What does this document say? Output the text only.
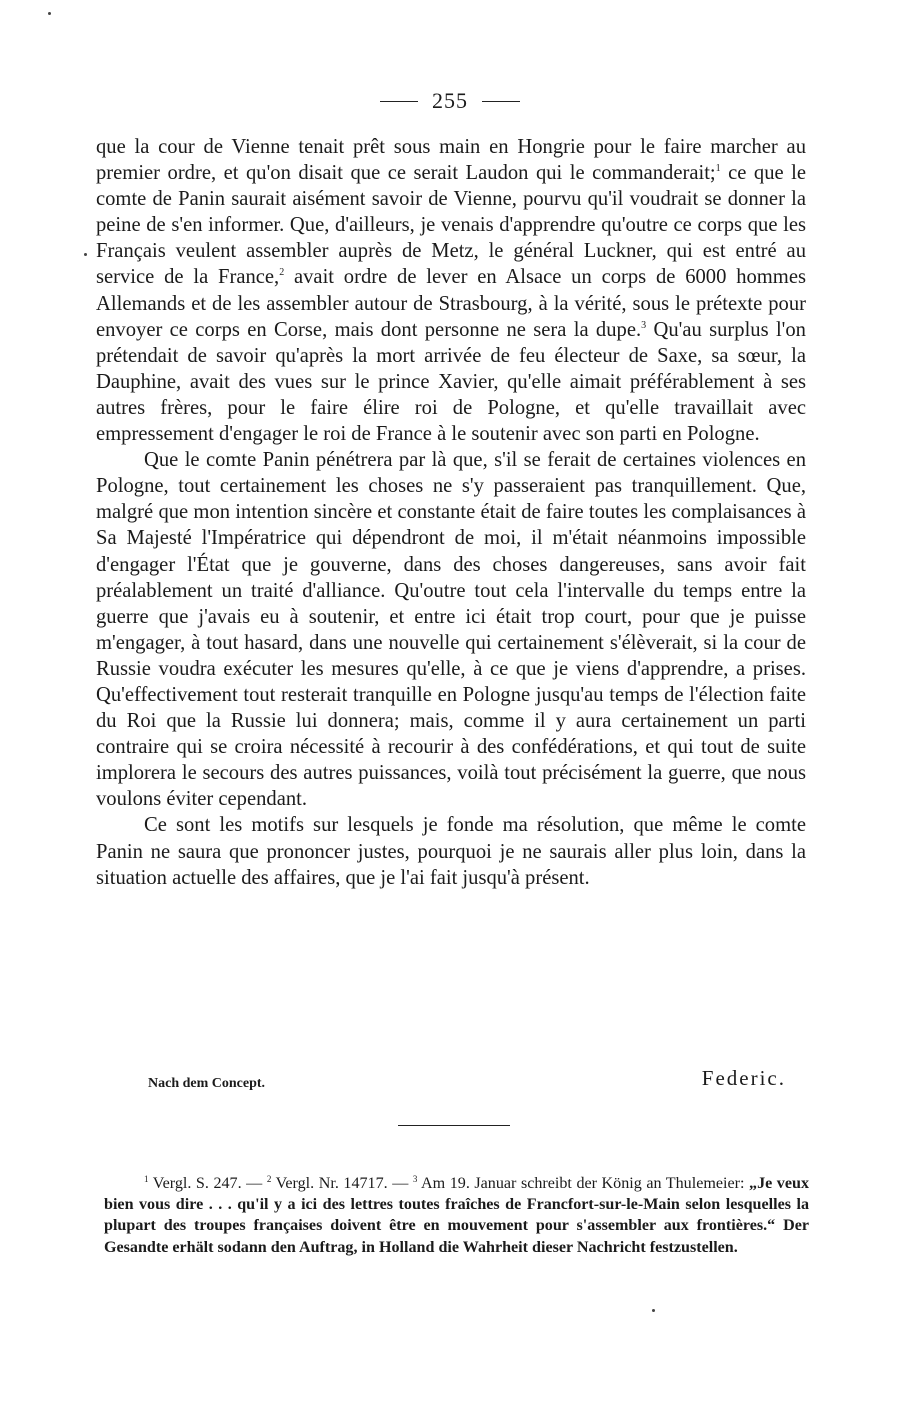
255

que la cour de Vienne tenait prêt sous main en Hongrie pour le faire marcher au premier ordre, et qu'on disait que ce serait Laudon qui le commanderait;$^1$ ce que le comte de Panin saurait aisément savoir de Vienne, pourvu qu'il voudrait se donner la peine de s'en informer. Que, d'ailleurs, je venais d'apprendre qu'outre ce corps que les Français veulent assembler auprès de Metz, le général Luckner, qui est entré au service de la France,$^2$ avait ordre de lever en Alsace un corps de 6000 hommes Allemands et de les assembler autour de Strasbourg, à la vérité, sous le prétexte pour envoyer ce corps en Corse, mais dont personne ne sera la dupe.$^3$ Qu'au surplus l'on prétendait de savoir qu'après la mort arrivée de feu électeur de Saxe, sa sœur, la Dauphine, avait des vues sur le prince Xavier, qu'elle aimait préférablement à ses autres frères, pour le faire élire roi de Pologne, et qu'elle travaillait avec empressement d'engager le roi de France à le soutenir avec son parti en Pologne.

Que le comte Panin pénétrera par là que, s'il se ferait de certaines violences en Pologne, tout certainement les choses ne s'y passeraient pas tranquillement. Que, malgré que mon intention sincère et constante était de faire toutes les complaisances à Sa Majesté l'Impératrice qui dépendront de moi, il m'était néanmoins impossible d'engager l'État que je gouverne, dans des choses dangereuses, sans avoir fait préalablement un traité d'alliance. Qu'outre tout cela l'intervalle du temps entre la guerre que j'avais eu à soutenir, et entre ici était trop court, pour que je puisse m'engager, à tout hasard, dans une nouvelle qui certainement s'élèverait, si la cour de Russie voudra exécuter les mesures qu'elle, à ce que je viens d'apprendre, a prises. Qu'effectivement tout resterait tranquille en Pologne jusqu'au temps de l'élection faite du Roi que la Russie lui donnera; mais, comme il y aura certainement un parti contraire qui se croira nécessité à recourir à des confédérations, et qui tout de suite implorera le secours des autres puissances, voilà tout précisément la guerre, que nous voulons éviter cependant.

Ce sont les motifs sur lesquels je fonde ma résolution, que même le comte Panin ne saura que prononcer justes, pourquoi je ne saurais aller plus loin, dans la situation actuelle des affaires, que je l'ai fait jusqu'à présent.

Nach dem Concept.	Federic.

$^1$ Vergl. S. 247. — $^2$ Vergl. Nr. 14717. — $^3$ Am 19. Januar schreibt der König an Thulemeier: „Je veux bien vous dire . . . qu'il y a ici des lettres toutes fraîches de Francfort-sur-le-Main selon lesquelles la plupart des troupes françaises doivent être en mouvement pour s'assembler aux frontières.“ Der Gesandte erhält sodann den Auftrag, in Holland die Wahrheit dieser Nachricht festzustellen.
